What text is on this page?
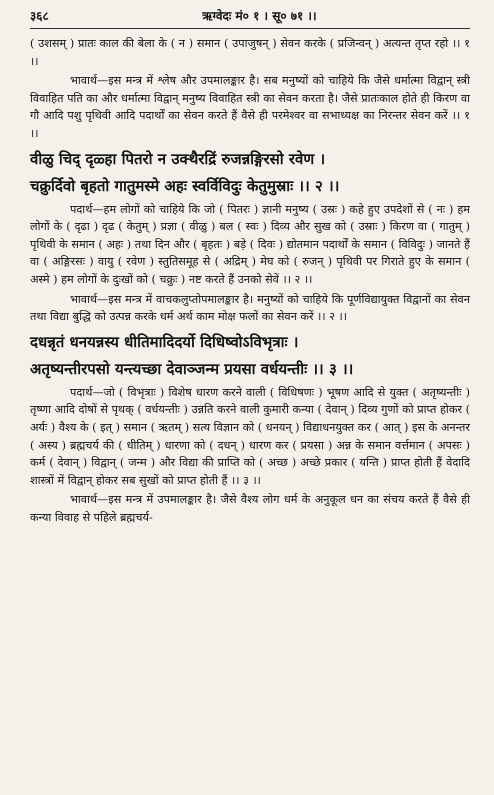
३६८	ऋग्वेदः मं० १ । सू० ७१ ।।

( उशसम् ) प्रातः काल की बेला के ( न ) समान ( उपाजुषन् ) सेवन करके ( प्रजिन्वन् ) अत्यन्त तृप्त रहो ।। १ ।।

भावार्थ—इस मन्त्र में श्लेष और उपमालङ्कार है। सब मनुष्यों को चाहिये कि जैसे धर्मात्मा विद्वान् स्त्री विवाहित पति का और धर्मात्मा विद्वान् मनुष्य विवाहित स्त्री का सेवन करता है। जैसे प्रातःकाल होते ही किरण वा गौ आदि पशु पृथिवी आदि पदार्थों का सेवन करते हैं वैसे ही परमेश्वर वा सभाध्यक्ष का निरन्तर सेवन करें ।। १ ।।

वीळु चिद् दृळ्हा पितरो न उक्थैरद्रिं रुजन्नङ्गिरसो रवेण ।
चक्रुर्दिवो बृहतो गातुमस्मे अहः स्वर्विविदुः केतुमुस्राः ।। २ ।।

पदार्थ—हम लोगों को चाहिये कि जो ( पितरः ) ज्ञानी मनुष्य ( उस्रः ) कहे हुए उपदेशों से ( नः ) हम लोगों के ( दृढा ) दृढ ( केतुम् ) प्रज्ञा ( वीळु ) बल ( स्वः ) दिव्य और सुख को ( उस्राः ) किरण वा ( गातुम् ) पृथिवी के समान ( अहः ) तथा दिन और ( बृहतः ) बड़े ( दिवः ) द्योतमान पदार्थों के समान ( विविदुः ) जानते हैं वा ( अङ्गिरसः ) वायु ( रवेण ) स्तुतिसमूह से ( अद्रिम् ) मेघ को ( रुजन् ) पृथिवी पर गिराते हुए के समान ( अस्मे ) हम लोगों के दुःखों को ( चक्रुः ) नष्ट करते हैं उनको सेवें ।। २ ।।

भावार्थ—इस मन्त्र में वाचकलुप्तोपमालङ्कार है। मनुष्यों को चाहिये कि पूर्णविद्यायुक्त विद्वानों का सेवन तथा विद्या बुद्धि को उत्पन्न करके धर्म अर्थ काम मोक्ष फलों का सेवन करें ।। २ ।।

दधन्नृतं धनयन्नस्य धीतिमादिदर्यो दिधिष्वोऽविभृत्राः ।
अतृष्यन्तीरपसो यन्त्यच्छा देवाञ्जन्म प्रयसा वर्धयन्तीः ।। ३ ।।

पदार्थ—जो ( विभृत्राः ) विशेष धारण करने वाली ( विधिषणः ) भूषण आदि से युक्त ( अतृष्यन्तीः ) तृष्णा आदि दोषों से पृथक् ( वर्धयन्तीः ) उन्नति करने वाली कुमारी कन्या ( देवान् ) दिव्य गुणों को प्राप्त होकर ( अर्यः ) वैश्य के ( इत् ) समान ( ऋतम् ) सत्य विज्ञान को ( धनयन् ) विद्याधनयुक्त कर ( आत् ) इस के अनन्तर ( अस्य ) ब्रह्मचर्य की ( धीतिम् ) धारणा को ( दधन् ) धारण कर ( प्रयसा ) अन्न के समान वर्त्तमान ( अपसः ) कर्म ( देवान् ) विद्वान् ( जन्म ) और विद्या की प्राप्ति को ( अच्छ ) अच्छे प्रकार ( यन्ति ) प्राप्त होती हैं वेदादि शास्त्रों में विद्वान् होकर सब सुखों को प्राप्त होती हैं ।। ३ ।।

भावार्थ—इस मन्त्र में उपमालङ्कार है। जैसे वैश्य लोग धर्म के अनुकूल धन का संचय करते हैं वैसे ही कन्या विवाह से पहिले ब्रह्मचर्य-
